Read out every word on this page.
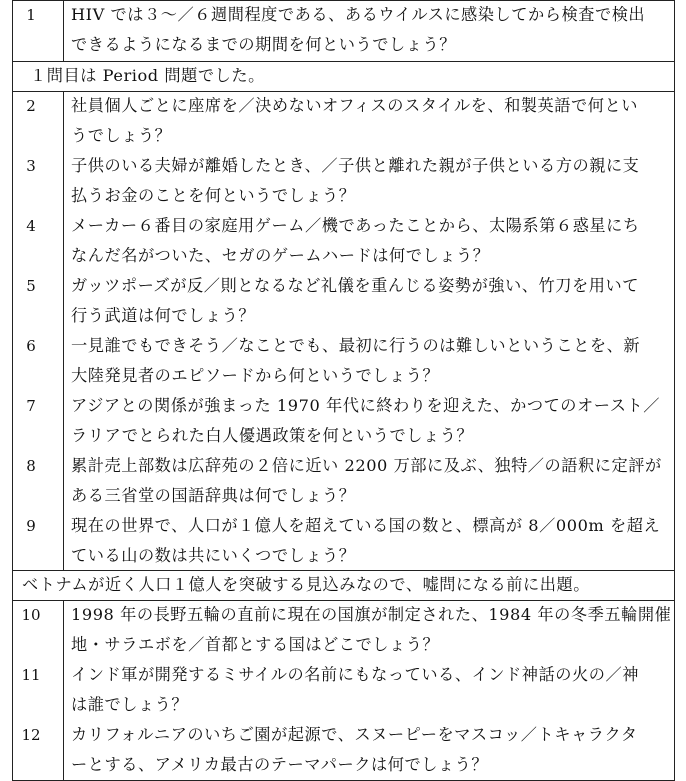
1	HIV では３～／６週間程度である、あるウイルスに感染してから検査で検出
できるようになるまでの期間を何というでしょう？
１問目は Period 問題でした。
2	社員個人ごとに座席を／決めないオフィスのスタイルを、和製英語で何とい
うでしょう？
3	子供のいる夫婦が離婚したとき、／子供と離れた親が子供といる方の親に支
払うお金のことを何というでしょう？
4	メーカー６番目の家庭用ゲーム／機であったことから、太陽系第６惑星にち
なんだ名がついた、セガのゲームハードは何でしょう？
5	ガッツポーズが反／則となるなど礼儀を重んじる姿勢が強い、竹刀を用いて
行う武道は何でしょう？
6	一見誰でもできそう／なことでも、最初に行うのは難しいということを、新
大陸発見者のエピソードから何というでしょう？
7	アジアとの関係が強まった 1970 年代に終わりを迎えた、かつてのオースト／
ラリアでとられた白人優遇政策を何というでしょう？
8	累計売上部数は広辞苑の２倍に近い 2200 万部に及ぶ、独特／の語釈に定評が
ある三省堂の国語辞典は何でしょう？
9	現在の世界で、人口が１億人を超えている国の数と、標高が 8／000m を超え
ている山の数は共にいくつでしょう？
ベトナムが近く人口１億人を突破する見込みなので、嘘問になる前に出題。
10	1998 年の長野五輪の直前に現在の国旗が制定された、1984 年の冬季五輪開催
地・サラエボを／首都とする国はどこでしょう？
11	インド軍が開発するミサイルの名前にもなっている、インド神話の火の／神
は誰でしょう？
12	カリフォルニアのいちご園が起源で、スヌーピーをマスコッ／トキャラクタ
ーとする、アメリカ最古のテーマパークは何でしょう？
